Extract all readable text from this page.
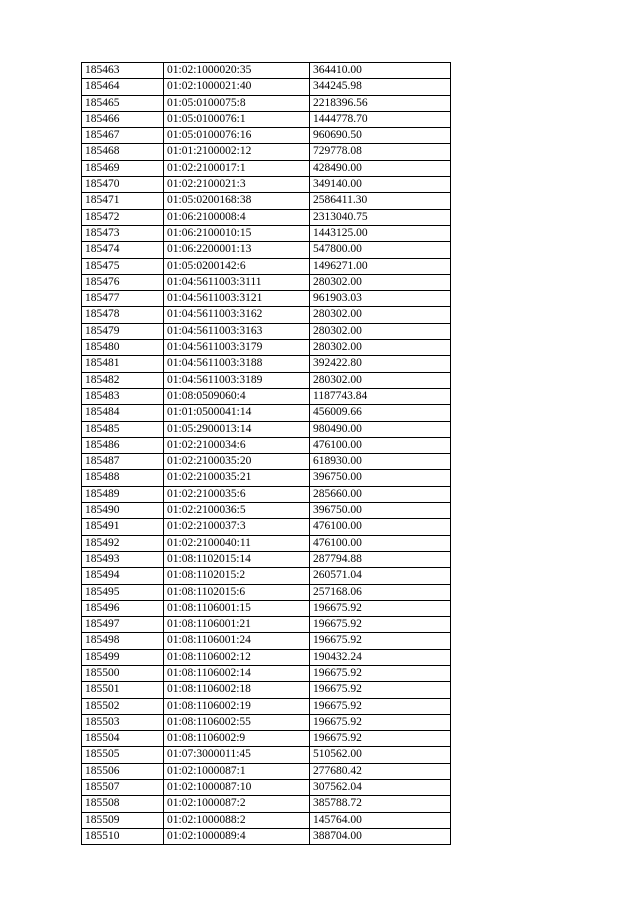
185463	01:02:1000020:35	364410.00
185464	01:02:1000021:40	344245.98
185465	01:05:0100075:8	2218396.56
185466	01:05:0100076:1	1444778.70
185467	01:05:0100076:16	960690.50
185468	01:01:2100002:12	729778.08
185469	01:02:2100017:1	428490.00
185470	01:02:2100021:3	349140.00
185471	01:05:0200168:38	2586411.30
185472	01:06:2100008:4	2313040.75
185473	01:06:2100010:15	1443125.00
185474	01:06:2200001:13	547800.00
185475	01:05:0200142:6	1496271.00
185476	01:04:5611003:3111	280302.00
185477	01:04:5611003:3121	961903.03
185478	01:04:5611003:3162	280302.00
185479	01:04:5611003:3163	280302.00
185480	01:04:5611003:3179	280302.00
185481	01:04:5611003:3188	392422.80
185482	01:04:5611003:3189	280302.00
185483	01:08:0509060:4	1187743.84
185484	01:01:0500041:14	456009.66
185485	01:05:2900013:14	980490.00
185486	01:02:2100034:6	476100.00
185487	01:02:2100035:20	618930.00
185488	01:02:2100035:21	396750.00
185489	01:02:2100035:6	285660.00
185490	01:02:2100036:5	396750.00
185491	01:02:2100037:3	476100.00
185492	01:02:2100040:11	476100.00
185493	01:08:1102015:14	287794.88
185494	01:08:1102015:2	260571.04
185495	01:08:1102015:6	257168.06
185496	01:08:1106001:15	196675.92
185497	01:08:1106001:21	196675.92
185498	01:08:1106001:24	196675.92
185499	01:08:1106002:12	190432.24
185500	01:08:1106002:14	196675.92
185501	01:08:1106002:18	196675.92
185502	01:08:1106002:19	196675.92
185503	01:08:1106002:55	196675.92
185504	01:08:1106002:9	196675.92
185505	01:07:3000011:45	510562.00
185506	01:02:1000087:1	277680.42
185507	01:02:1000087:10	307562.04
185508	01:02:1000087:2	385788.72
185509	01:02:1000088:2	145764.00
185510	01:02:1000089:4	388704.00
